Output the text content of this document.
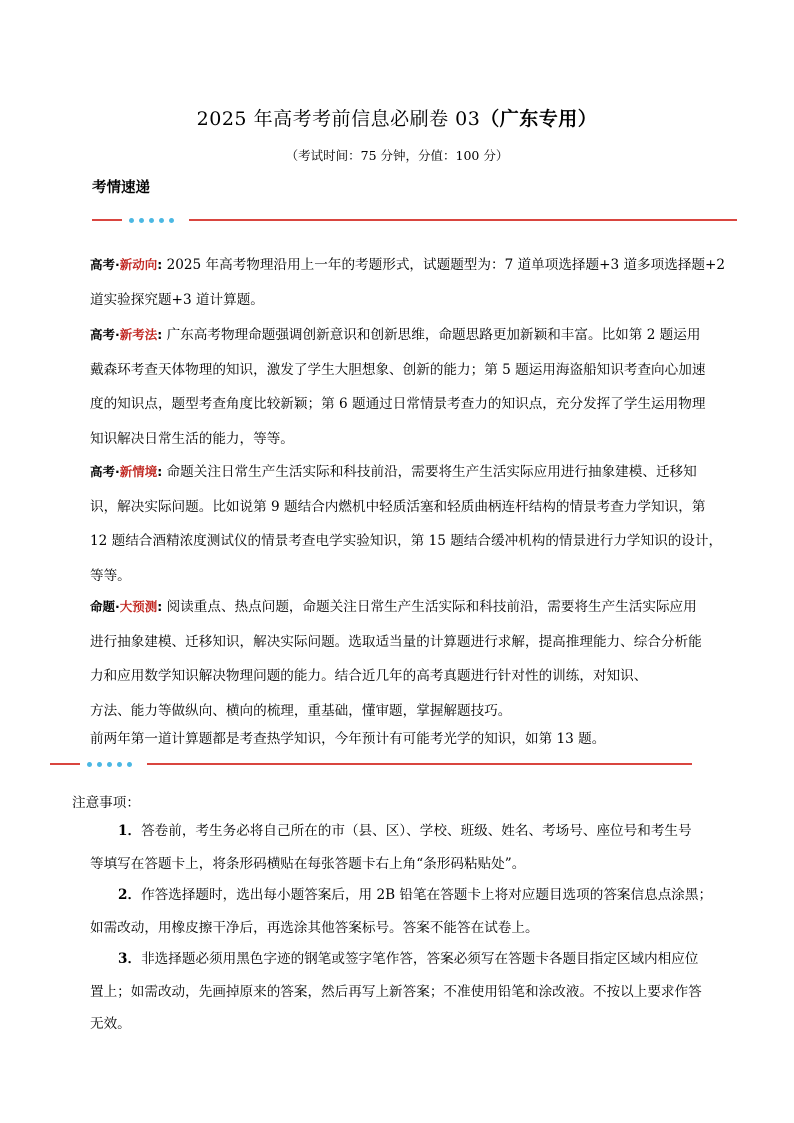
2025 年高考考前信息必刷卷 03（广东专用）
（考试时间：75 分钟，分值：100 分）
考情速递
高考·新动向: 2025 年高考物理沿用上一年的考题形式，试题题型为：7 道单项选择题+3 道多项选择题+2
道实验探究题+3 道计算题。
高考·新考法: 广东高考物理命题强调创新意识和创新思维，命题思路更加新颖和丰富。比如第 2 题运用
戴森环考查天体物理的知识，激发了学生大胆想象、创新的能力；第 5 题运用海盗船知识考查向心加速
度的知识点，题型考查角度比较新颖；第 6 题通过日常情景考查力的知识点，充分发挥了学生运用物理
知识解决日常生活的能力，等等。
高考·新情境: 命题关注日常生产生活实际和科技前沿，需要将生产生活实际应用进行抽象建模、迁移知
识，解决实际问题。比如说第 9 题结合内燃机中轻质活塞和轻质曲柄连杆结构的情景考查力学知识，第
12 题结合酒精浓度测试仪的情景考查电学实验知识，第 15 题结合缓冲机构的情景进行力学知识的设计，
等等。
命题·大预测: 阅读重点、热点问题，命题关注日常生产生活实际和科技前沿，需要将生产生活实际应用
进行抽象建模、迁移知识，解决实际问题。选取适当量的计算题进行求解，提高推理能力、综合分析能
力和应用数学知识解决物理问题的能力。结合近几年的高考真题进行针对性的训练，对知识、
方法、能力等做纵向、横向的梳理，重基础，懂审题，掌握解题技巧。
前两年第一道计算题都是考查热学知识，今年预计有可能考光学的知识，如第 13 题。
注意事项：
1．答卷前，考生务必将自己所在的市（县、区）、学校、班级、姓名、考场号、座位号和考生号
等填写在答题卡上，将条形码横贴在每张答题卡右上角“条形码粘贴处”。
2．作答选择题时，选出每小题答案后，用 2B 铅笔在答题卡上将对应题目选项的答案信息点涂黑；
如需改动，用橡皮擦干净后，再选涂其他答案标号。答案不能答在试卷上。
3．非选择题必须用黑色字迹的钢笔或签字笔作答，答案必须写在答题卡各题目指定区域内相应位
置上；如需改动，先画掉原来的答案，然后再写上新答案；不准使用铅笔和涂改液。不按以上要求作答
无效。
